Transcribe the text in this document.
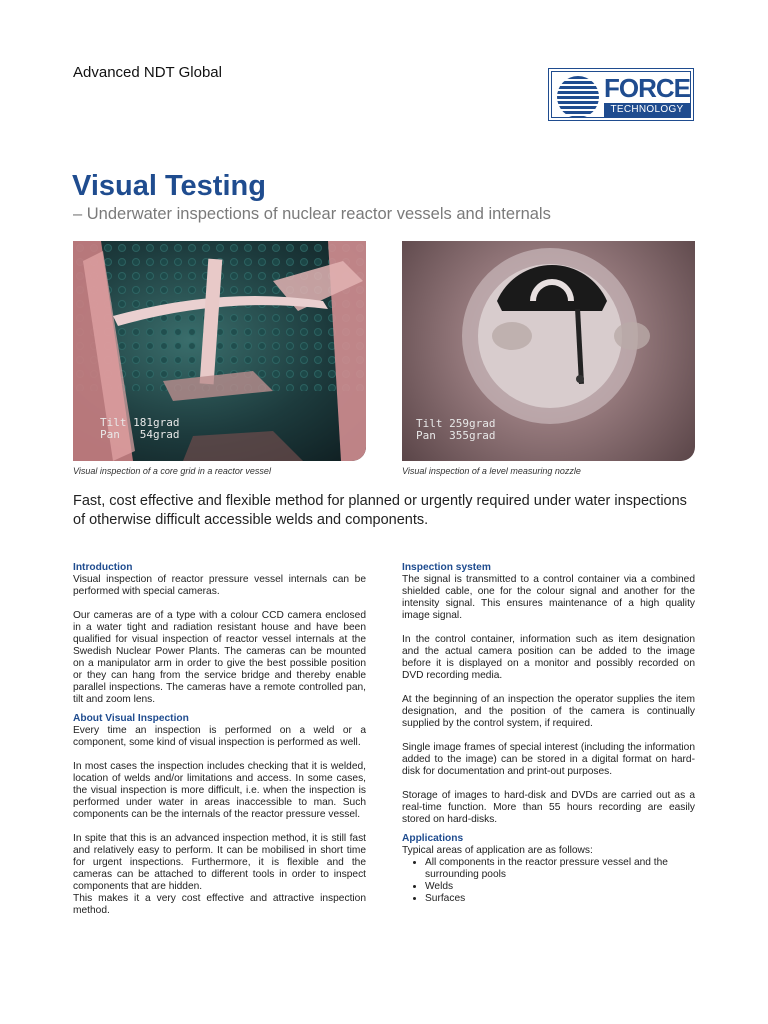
Advanced NDT Global
FORCE
TECHNOLOGY
Visual Testing
– Underwater inspections of nuclear reactor vessels and internals
Tilt 181grad
Pan   54grad
Tilt 259grad
Pan  355grad
Visual inspection of a core grid in a reactor vessel	Visual inspection of a level measuring nozzle
Fast, cost effective and flexible method for planned or urgently required under water inspections of otherwise difficult accessible welds and components.
Introduction
Visual inspection of reactor pressure vessel internals can be performed with special cameras.
Our cameras are of a type with a colour CCD camera enclosed in a water tight and radiation resistant house and have been qualified for visual inspection of reactor vessel internals at the Swedish Nuclear Power Plants. The cameras can be mounted on a manipulator arm in order to give the best possible position or they can hang from the service bridge and thereby enable parallel inspections. The cameras have a remote controlled pan, tilt and zoom lens.
About Visual Inspection
Every time an inspection is performed on a weld or a component, some kind of visual inspection is performed as well.
In most cases the inspection includes checking that it is welded, location of welds and/or limitations and access. In some cases, the visual inspection is more difficult, i.e. when the inspection is performed under water in areas inaccessible to man. Such components can be the internals of the reactor pressure vessel.
In spite that this is an advanced inspection method, it is still fast and relatively easy to perform. It can be mobilised in short time for urgent inspections. Furthermore, it is flexible and the cameras can be attached to different tools in order to inspect components that are hidden.
This makes it a very cost effective and attractive inspection method.
Inspection system
The signal is transmitted to a control container via a combined shielded cable, one for the colour signal and another for the intensity signal. This ensures maintenance of a high quality image signal.
In the control container, information such as item designation and the actual camera position can be added to the image before it is displayed on a monitor and possibly recorded on DVD recording media.
At the beginning of an inspection the operator supplies the item designation, and the position of the camera is continually supplied by the control system, if required.
Single image frames of special interest (including the information added to the image) can be stored in a digital format on hard-disk for documentation and print-out purposes.
Storage of images to hard-disk and DVDs are carried out as a real-time function. More than 55 hours recording are easily stored on hard-disks.
Applications
Typical areas of application are as follows:
• All components in the reactor pressure vessel and the surrounding pools
• Welds
• Surfaces
